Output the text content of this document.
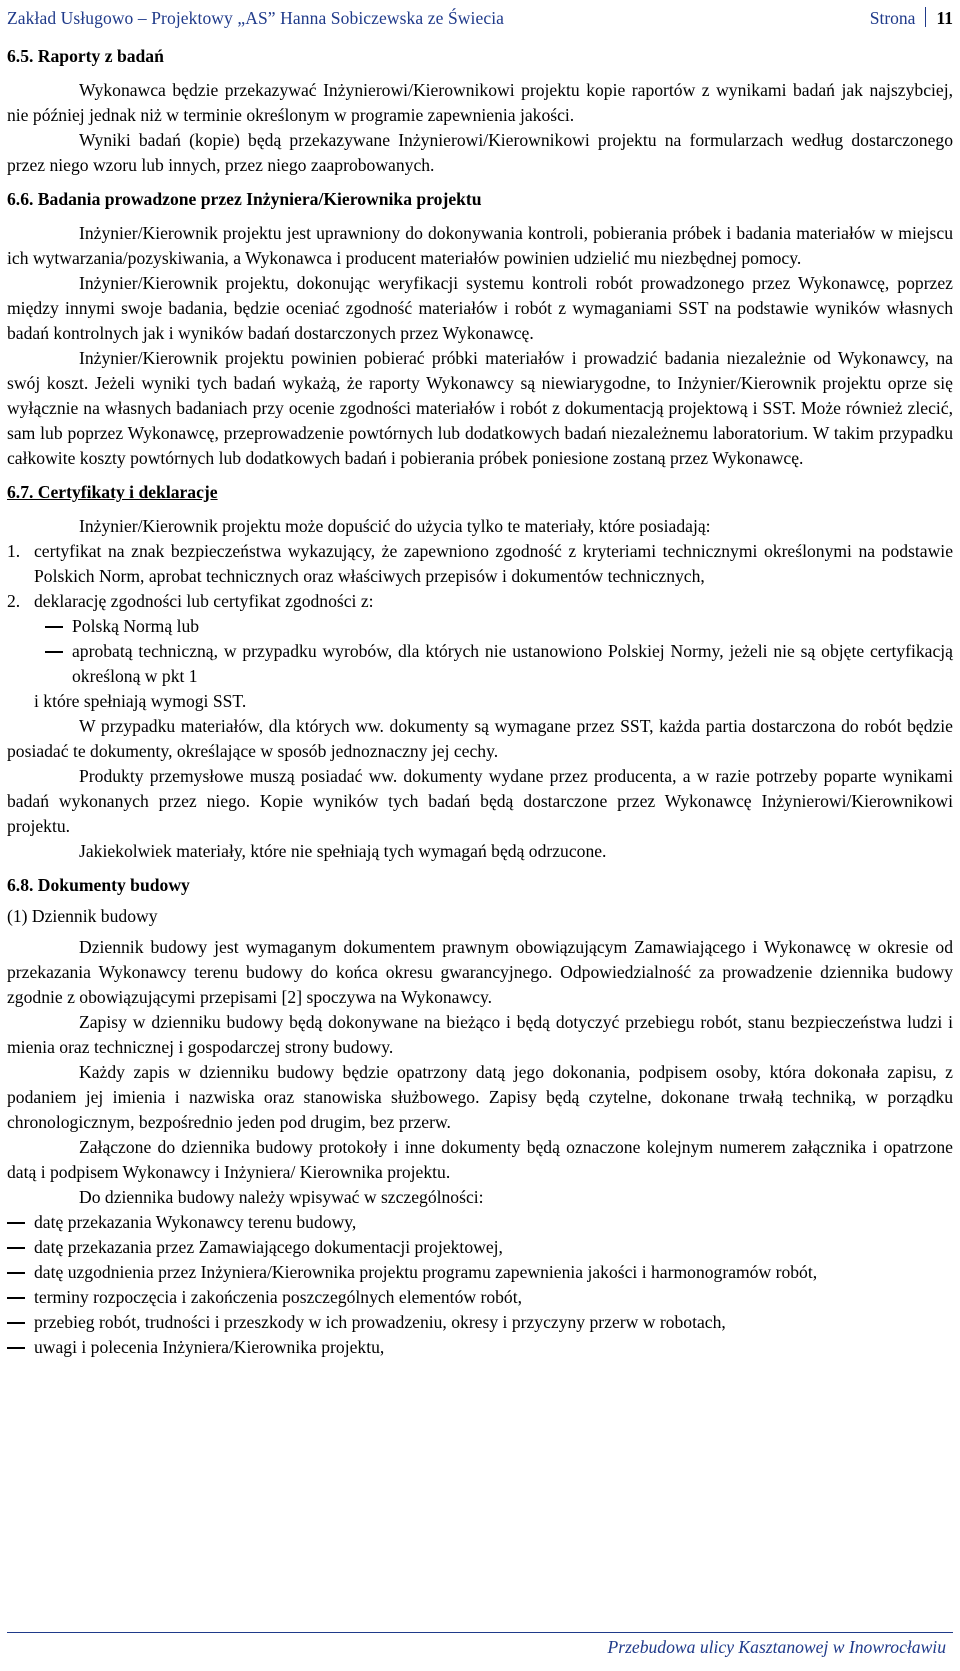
Zakład Usługowo – Projektowy „AS” Hanna Sobiczewska ze Świecia	Strona 11
6.5. Raporty z badań

Wykonawca będzie przekazywać Inżynierowi/Kierownikowi projektu kopie raportów z wynikami badań jak najszybciej, nie później jednak niż w terminie określonym w programie zapewnienia jakości.

Wyniki badań (kopie) będą przekazywane Inżynierowi/Kierownikowi projektu na formularzach według dostarczonego przez niego wzoru lub innych, przez niego zaaprobowanych.

6.6. Badania prowadzone przez Inżyniera/Kierownika projektu

Inżynier/Kierownik projektu jest uprawniony do dokonywania kontroli, pobierania próbek i badania materiałów w miejscu ich wytwarzania/pozyskiwania, a Wykonawca i producent materiałów powinien udzielić mu niezbędnej pomocy.

Inżynier/Kierownik projektu, dokonując weryfikacji systemu kontroli robót prowadzonego przez Wykonawcę, poprzez między innymi swoje badania, będzie oceniać zgodność materiałów i robót z wymaganiami SST na podstawie wyników własnych badań kontrolnych jak i wyników badań dostarczonych przez Wykonawcę.

Inżynier/Kierownik projektu powinien pobierać próbki materiałów i prowadzić badania niezależnie od Wykonawcy, na swój koszt. Jeżeli wyniki tych badań wykażą, że raporty Wykonawcy są niewiarygodne, to Inżynier/Kierownik projektu oprze się wyłącznie na własnych badaniach przy ocenie zgodności materiałów i robót z dokumentacją projektową i SST. Może również zlecić, sam lub poprzez Wykonawcę, przeprowadzenie powtórnych lub dodatkowych badań niezależnemu laboratorium. W takim przypadku całkowite koszty powtórnych lub dodatkowych badań i pobierania próbek poniesione zostaną przez Wykonawcę.

6.7. Certyfikaty i deklaracje

Inżynier/Kierownik projektu może dopuścić do użycia tylko te materiały, które posiadają:

1. certyfikat na znak bezpieczeństwa wykazujący, że zapewniono zgodność z kryteriami technicznymi określonymi na podstawie Polskich Norm, aprobat technicznych oraz właściwych przepisów i dokumentów technicznych,
2. deklarację zgodności lub certyfikat zgodności z:
Polską Normą lub
aprobatą techniczną, w przypadku wyrobów, dla których nie ustanowiono Polskiej Normy, jeżeli nie są objęte certyfikacją określoną w pkt 1

i które spełniają wymogi SST.

W przypadku materiałów, dla których ww. dokumenty są wymagane przez SST, każda partia dostarczona do robót będzie posiadać te dokumenty, określające w sposób jednoznaczny jej cechy.

Produkty przemysłowe muszą posiadać ww. dokumenty wydane przez producenta, a w razie potrzeby poparte wynikami badań wykonanych przez niego. Kopie wyników tych badań będą dostarczone przez Wykonawcę Inżynierowi/Kierownikowi projektu.

Jakiekolwiek materiały, które nie spełniają tych wymagań będą odrzucone.

6.8. Dokumenty budowy

(1) Dziennik budowy

Dziennik budowy jest wymaganym dokumentem prawnym obowiązującym Zamawiającego i Wykonawcę w okresie od przekazania Wykonawcy terenu budowy do końca okresu gwarancyjnego. Odpowiedzialność za prowadzenie dziennika budowy zgodnie z obowiązującymi przepisami [2] spoczywa na Wykonawcy.

Zapisy w dzienniku budowy będą dokonywane na bieżąco i będą dotyczyć przebiegu robót, stanu bezpieczeństwa ludzi i mienia oraz technicznej i gospodarczej strony budowy.

Każdy zapis w dzienniku budowy będzie opatrzony datą jego dokonania, podpisem osoby, która dokonała zapisu, z podaniem jej imienia i nazwiska oraz stanowiska służbowego. Zapisy będą czytelne, dokonane trwałą techniką, w porządku chronologicznym, bezpośrednio jeden pod drugim, bez przerw.

Załączone do dziennika budowy protokoły i inne dokumenty będą oznaczone kolejnym numerem załącznika i opatrzone datą i podpisem Wykonawcy i Inżyniera/ Kierownika projektu.

Do dziennika budowy należy wpisywać w szczególności:

datę przekazania Wykonawcy terenu budowy,
datę przekazania przez Zamawiającego dokumentacji projektowej,
datę uzgodnienia przez Inżyniera/Kierownika projektu programu zapewnienia jakości i harmonogramów robót,
terminy rozpoczęcia i zakończenia poszczególnych elementów robót,
przebieg robót, trudności i przeszkody w ich prowadzeniu, okresy i przyczyny przerw w robotach,
uwagi i polecenia Inżyniera/Kierownika projektu,
Przebudowa ulicy Kasztanowej w Inowrocławiu
